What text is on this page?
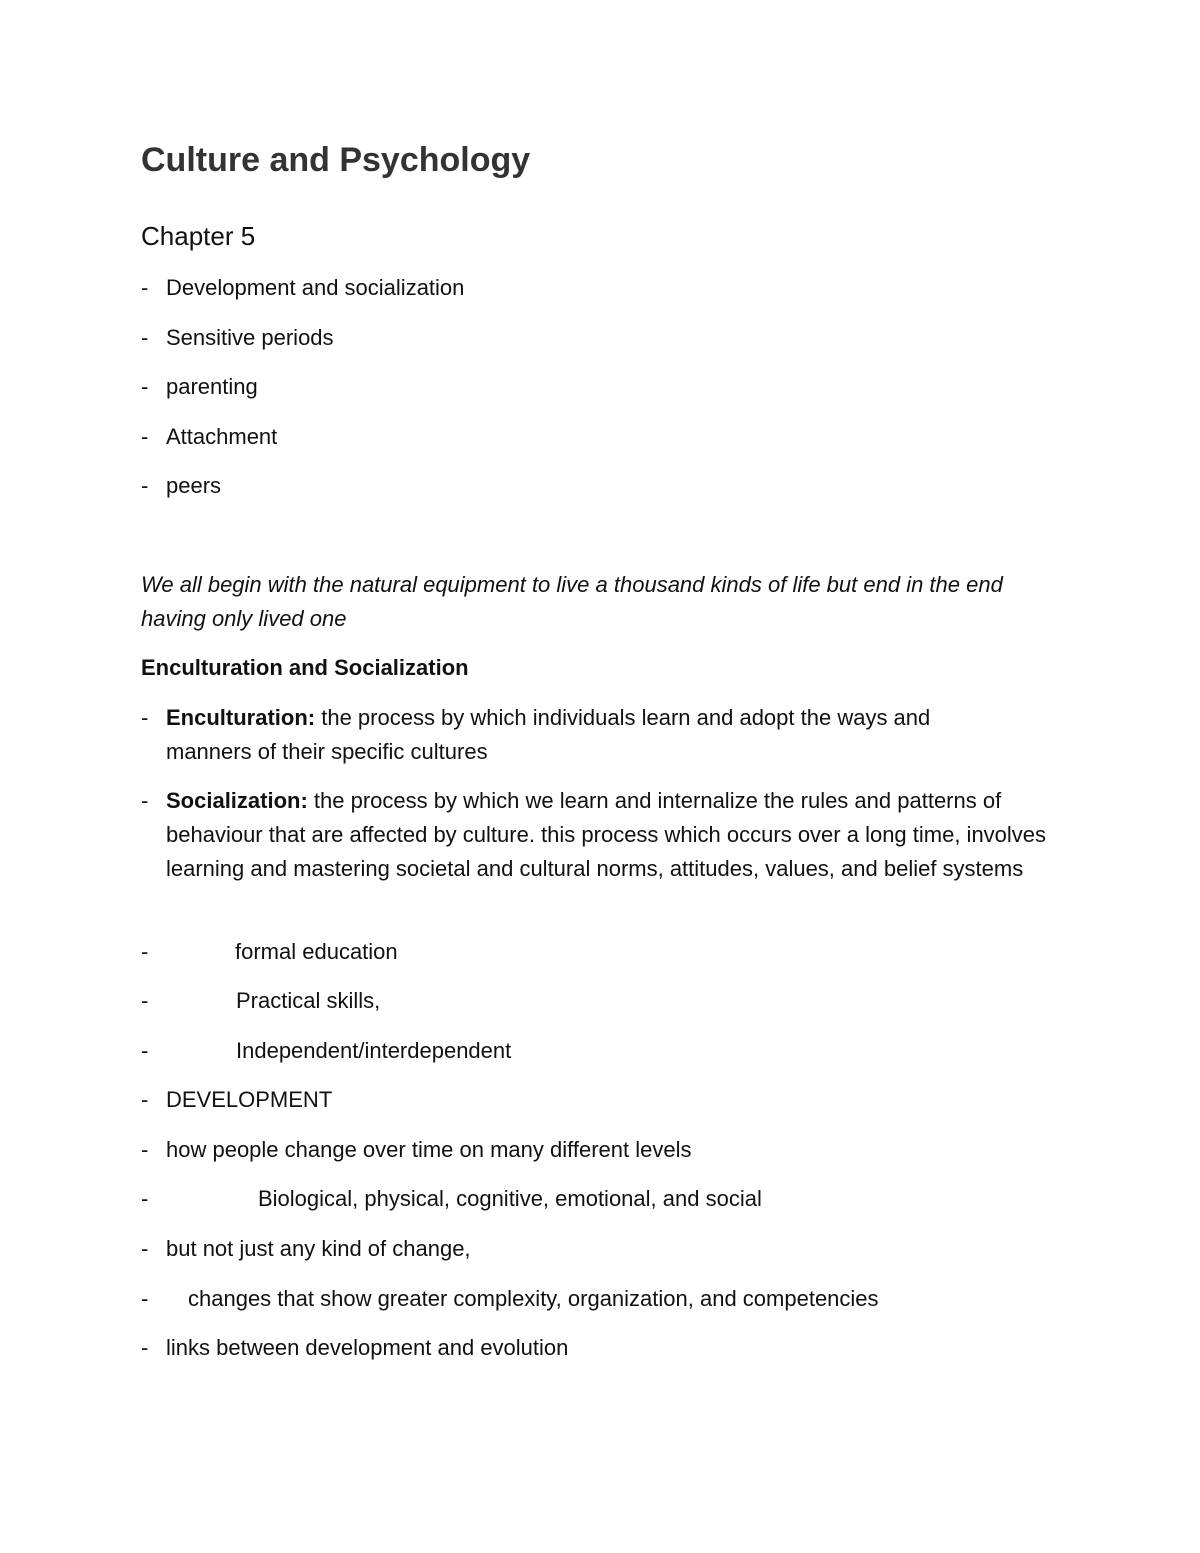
Culture and Psychology
Chapter 5
- Development and socialization
- Sensitive periods
- parenting
- Attachment
- peers

We all begin with the natural equipment to live a thousand kinds of life but end in the end having only lived one

Enculturation and Socialization
- Enculturation: the process by which individuals learn and adopt the ways and manners of their specific cultures
- Socialization: the process by which we learn and internalize the rules and patterns of behaviour that are affected by culture. this process which occurs over a long time, involves learning and mastering societal and cultural norms, attitudes, values, and belief systems
-	formal education
-	Practical skills,
-	Independent/interdependent
- DEVELOPMENT
- how people change over time on many different levels
-	Biological, physical, cognitive, emotional, and social
- but not just any kind of change,
- changes that show greater complexity, organization, and competencies
- links between development and evolution
